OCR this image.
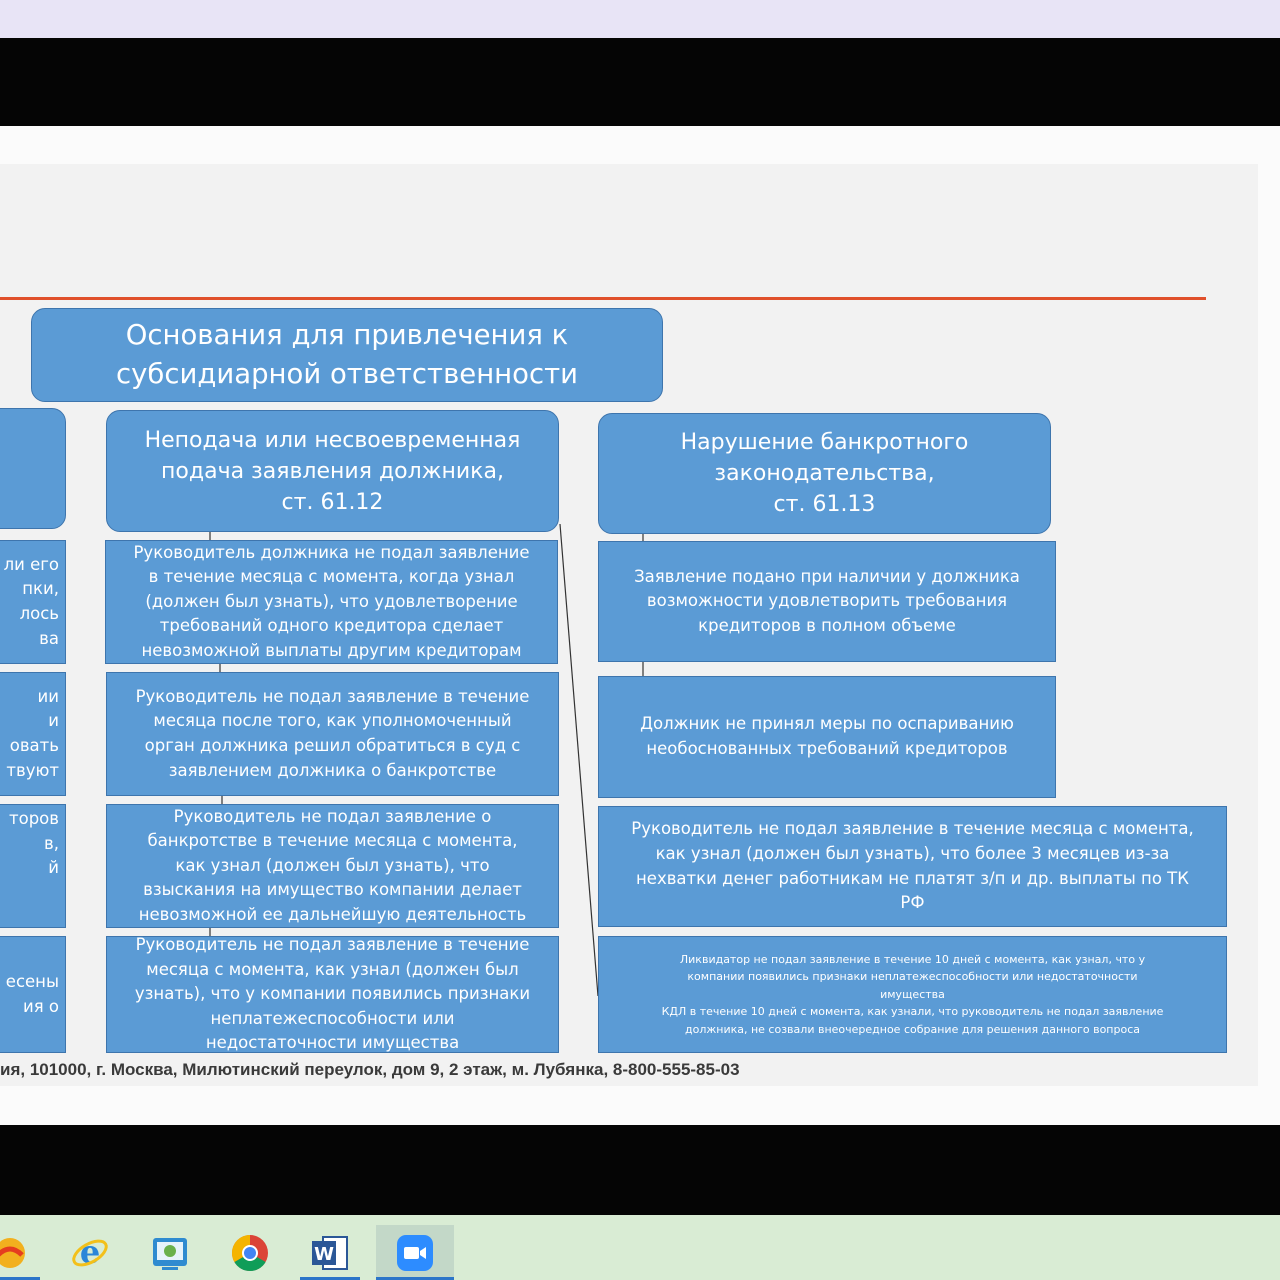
Основания для привлечения к
субсидиарной ответственности
Неподача или несвоевременная
подача заявления должника,
ст. 61.12
Нарушение банкротного
законодательства,
ст. 61.13
ли его
пки,
лось
ва
ии
и
овать
твуют
торов
в,
й
есены
ия о
Руководитель должника не подал заявление
в течение месяца с момента, когда узнал
(должен был узнать), что удовлетворение
требований одного кредитора сделает
невозможной выплаты другим кредиторам
Руководитель не подал заявление в течение
месяца после того, как уполномоченный
орган должника решил обратиться в суд с
заявлением должника о банкротстве
Руководитель не подал заявление о
банкротстве в течение месяца с момента,
как узнал (должен был узнать), что
взыскания на имущество компании делает
невозможной ее дальнейшую деятельность
Руководитель не подал заявление в течение
месяца с момента, как узнал (должен был
узнать), что у компании появились признаки
неплатежеспособности или
недостаточности имущества
Заявление подано при наличии у должника
возможности удовлетворить требования
кредиторов в полном объеме
Должник не принял меры по оспариванию
необоснованных требований кредиторов
Руководитель не подал заявление в течение месяца с момента,
как узнал (должен был узнать), что более 3 месяцев из-за
нехватки денег работникам не платят з/п и др. выплаты по ТК
РФ
Ликвидатор не подал заявление в течение 10 дней с момента, как узнал, что у
компании появились признаки неплатежеспособности или недостаточности
имущества
КДЛ в течение 10 дней с момента, как узнали, что руководитель не подал заявление
должника, не созвали внеочередное собрание для решения данного вопроса
ия, 101000, г. Москва, Милютинский переулок, дом 9, 2 этаж, м. Лубянка, 8-800-555-85-03
e	W
